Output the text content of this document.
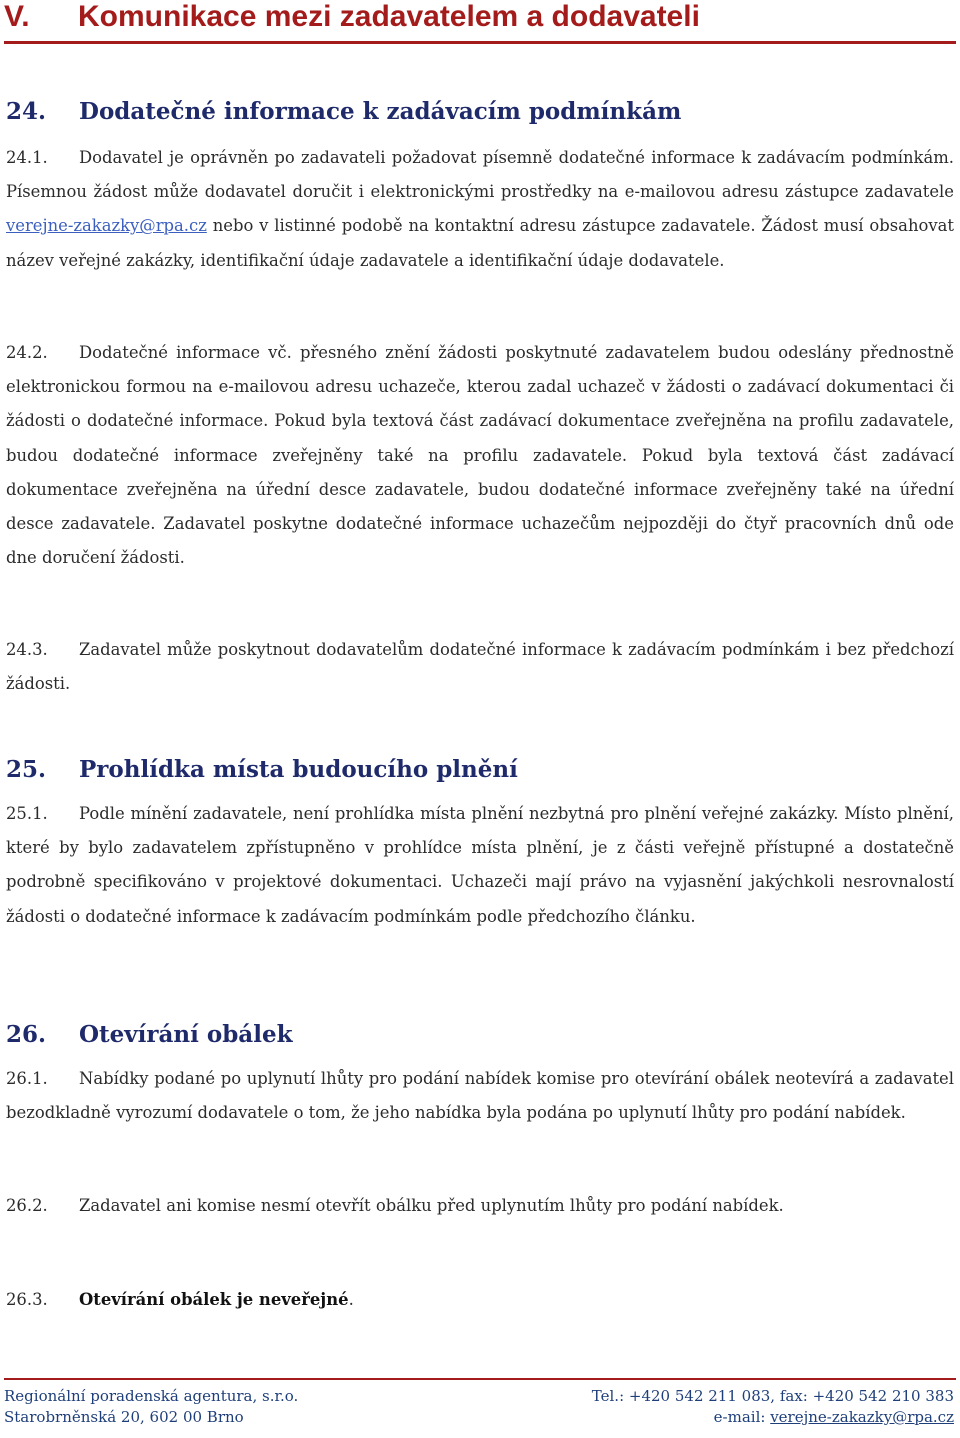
V. Komunikace mezi zadavatelem a dodavateli
24. Dodatečné informace k zadávacím podmínkám
24.1. Dodavatel je oprávněn po zadavateli požadovat písemně dodatečné informace k zadávacím podmínkám. Písemnou žádost může dodavatel doručit i elektronickými prostředky na e-mailovou adresu zástupce zadavatele verejne-zakazky@rpa.cz nebo v listinné podobě na kontaktní adresu zástupce zadavatele. Žádost musí obsahovat název veřejné zakázky, identifikační údaje zadavatele a identifikační údaje dodavatele.
24.2. Dodatečné informace vč. přesného znění žádosti poskytnuté zadavatelem budou odeslány přednostně elektronickou formou na e-mailovou adresu uchazeče, kterou zadal uchazeč v žádosti o zadávací dokumentaci či žádosti o dodatečné informace. Pokud byla textová část zadávací dokumentace zveřejněna na profilu zadavatele, budou dodatečné informace zveřejněny také na profilu zadavatele. Pokud byla textová část zadávací dokumentace zveřejněna na úřední desce zadavatele, budou dodatečné informace zveřejněny také na úřední desce zadavatele. Zadavatel poskytne dodatečné informace uchazečům nejpozději do čtyř pracovních dnů ode dne doručení žádosti.
24.3. Zadavatel může poskytnout dodavatelům dodatečné informace k zadávacím podmínkám i bez předchozí žádosti.
25. Prohlídka místa budoucího plnění
25.1. Podle mínění zadavatele, není prohlídka místa plnění nezbytná pro plnění veřejné zakázky. Místo plnění, které by bylo zadavatelem zpřístupněno v prohlídce místa plnění, je z části veřejně přístupné a dostatečně podrobně specifikováno v projektové dokumentaci. Uchazeči mají právo na vyjasnění jakýchkoli nesrovnalostí žádosti o dodatečné informace k zadávacím podmínkám podle předchozího článku.
26. Otevírání obálek
26.1. Nabídky podané po uplynutí lhůty pro podání nabídek komise pro otevírání obálek neotevírá a zadavatel bezodkladně vyrozumí dodavatele o tom, že jeho nabídka byla podána po uplynutí lhůty pro podání nabídek.
26.2. Zadavatel ani komise nesmí otevřít obálku před uplynutím lhůty pro podání nabídek.
26.3. Otevírání obálek je neveřejné.
Regionální poradenská agentura, s.r.o.
Starobrněnská 20, 602 00 Brno
Tel.: +420 542 211 083, fax: +420 542 210 383
e-mail: verejne-zakazky@rpa.cz
